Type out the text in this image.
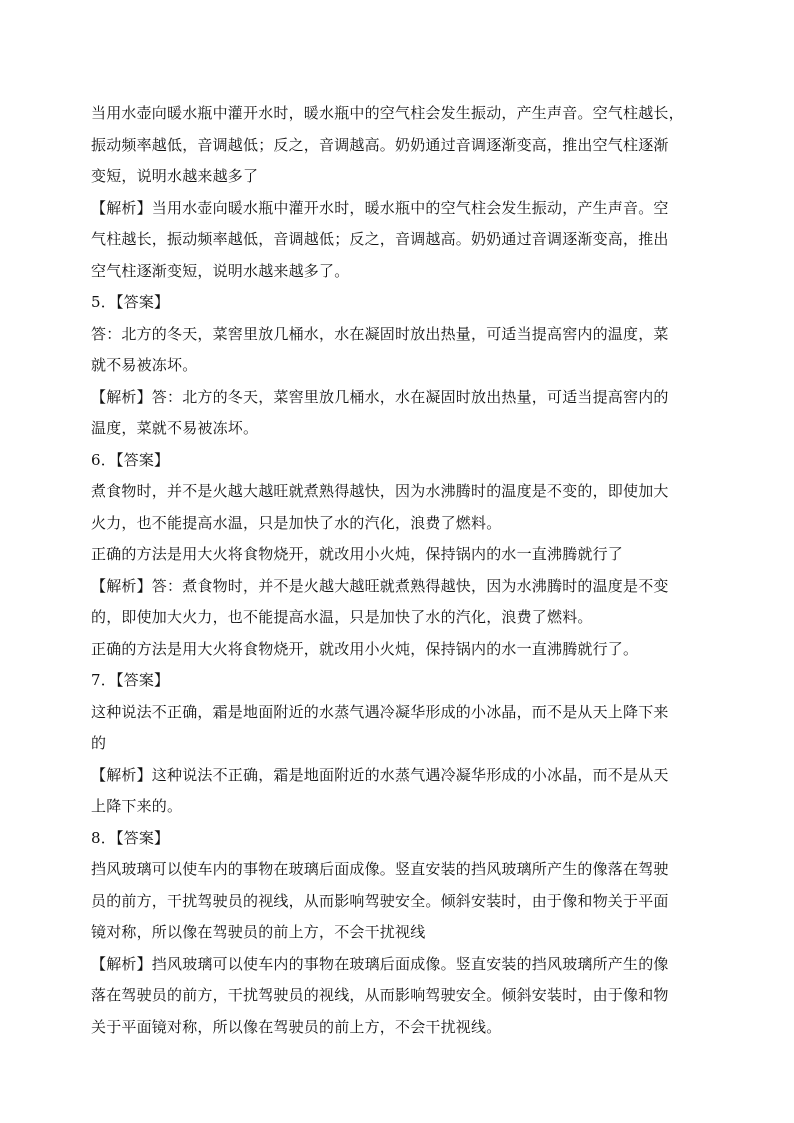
当用水壶向暖水瓶中灌开水时，暖水瓶中的空气柱会发生振动，产生声音。空气柱越长，
振动频率越低，音调越低；反之，音调越高。奶奶通过音调逐渐变高，推出空气柱逐渐
变短，说明水越来越多了
【解析】当用水壶向暖水瓶中灌开水时，暖水瓶中的空气柱会发生振动，产生声音。空
气柱越长，振动频率越低，音调越低；反之，音调越高。奶奶通过音调逐渐变高，推出
空气柱逐渐变短，说明水越来越多了。
5．【答案】
答：北方的冬天，菜窖里放几桶水，水在凝固时放出热量，可适当提高窖内的温度，菜
就不易被冻坏。
【解析】答：北方的冬天，菜窖里放几桶水，水在凝固时放出热量，可适当提高窖内的
温度，菜就不易被冻坏。
6．【答案】
煮食物时，并不是火越大越旺就煮熟得越快，因为水沸腾时的温度是不变的，即使加大
火力，也不能提高水温，只是加快了水的汽化，浪费了燃料。
正确的方法是用大火将食物烧开，就改用小火炖，保持锅内的水一直沸腾就行了
【解析】答：煮食物时，并不是火越大越旺就煮熟得越快，因为水沸腾时的温度是不变
的，即使加大火力，也不能提高水温，只是加快了水的汽化，浪费了燃料。
正确的方法是用大火将食物烧开，就改用小火炖，保持锅内的水一直沸腾就行了。
7．【答案】
这种说法不正确，霜是地面附近的水蒸气遇冷凝华形成的小冰晶，而不是从天上降下来
的
【解析】这种说法不正确，霜是地面附近的水蒸气遇冷凝华形成的小冰晶，而不是从天
上降下来的。
8．【答案】
挡风玻璃可以使车内的事物在玻璃后面成像。竖直安装的挡风玻璃所产生的像落在驾驶
员的前方，干扰驾驶员的视线，从而影响驾驶安全。倾斜安装时，由于像和物关于平面
镜对称，所以像在驾驶员的前上方，不会干扰视线
【解析】挡风玻璃可以使车内的事物在玻璃后面成像。竖直安装的挡风玻璃所产生的像
落在驾驶员的前方，干扰驾驶员的视线，从而影响驾驶安全。倾斜安装时，由于像和物
关于平面镜对称，所以像在驾驶员的前上方，不会干扰视线。
